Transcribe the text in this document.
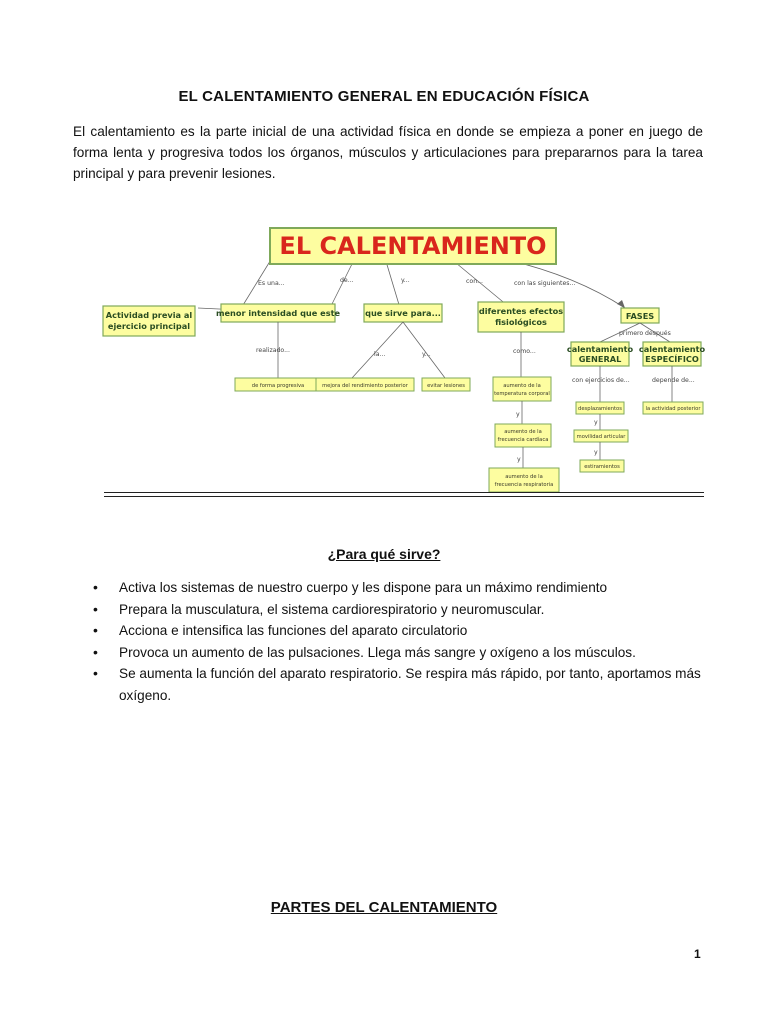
EL CALENTAMIENTO GENERAL EN EDUCACIÓN FÍSICA
El calentamiento es la parte inicial de una actividad física en donde se empieza a poner en juego de forma lenta y progresiva todos los órganos, músculos y articulaciones para prepararnos para la tarea principal y para prevenir lesiones.
EL CALENTAMIENTO
Es una...	de...	y...	con...	con las siguientes...
Actividad previa al
ejercicio principal
menor intensidad que este	que sirve para...	diferentes efectos
fisiológicos
FASES
realizado...
la...	y...	como...
primero después
de forma progresiva	mejora del rendimiento posterior	evitar lesiones	aumento de la
temperatura corporal
y
aumento de la
frecuencia cardíaca
y
aumento de la
frecuencia respiratoria
calentamiento
GENERAL
calentamiento
ESPECÍFICO
con ejercicios de...	depende de...
desplazamientos	la actividad posterior
y
movilidad articular
y
estiramientos
¿Para qué sirve?
• Activa los sistemas de nuestro cuerpo y les dispone para un máximo rendimiento
• Prepara la musculatura, el sistema cardiorespiratorio y neuromuscular.
• Acciona e intensifica las funciones del aparato circulatorio
• Provoca un aumento de las pulsaciones. Llega más sangre y oxígeno a los músculos.
• Se aumenta la función del aparato respiratorio. Se respira más rápido, por tanto, aportamos más oxígeno.
PARTES DEL CALENTAMIENTO
1
